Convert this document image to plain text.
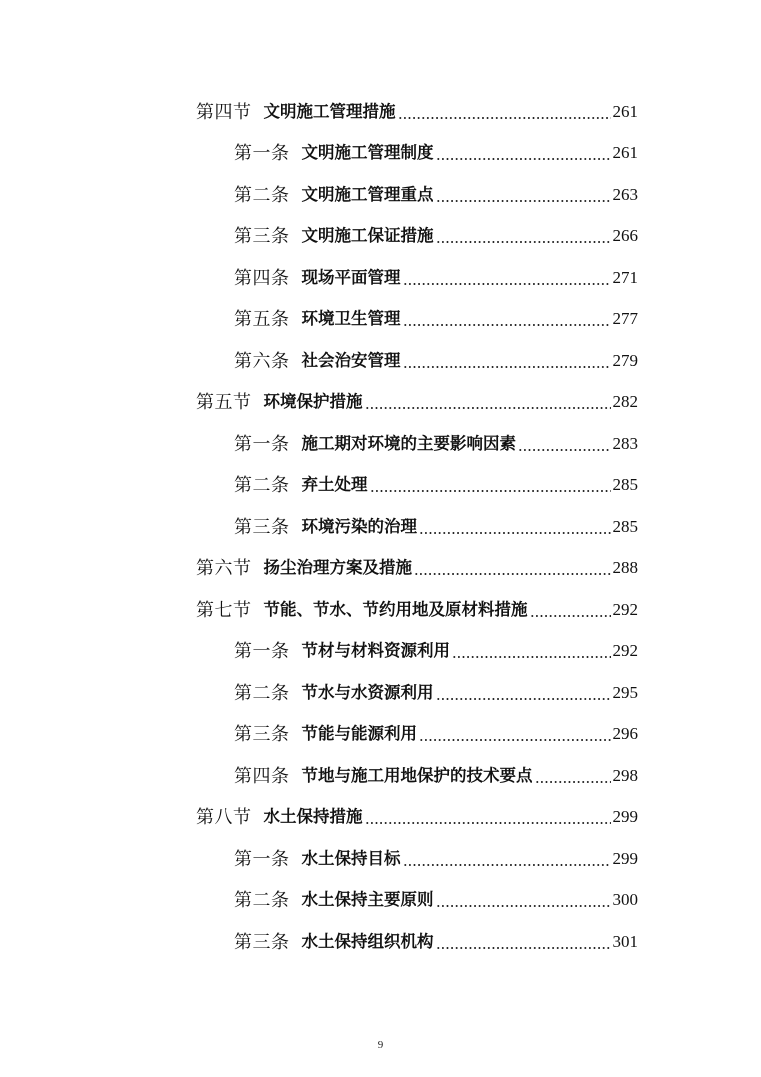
第四节 文明施工管理措施	261
第一条 文明施工管理制度	261
第二条 文明施工管理重点	263
第三条 文明施工保证措施	266
第四条 现场平面管理	271
第五条 环境卫生管理	277
第六条 社会治安管理	279
第五节 环境保护措施	282
第一条 施工期对环境的主要影响因素	283
第二条 弃土处理	285
第三条 环境污染的治理	285
第六节 扬尘治理方案及措施	288
第七节 节能、节水、节约用地及原材料措施	292
第一条 节材与材料资源利用	292
第二条 节水与水资源利用	295
第三条 节能与能源利用	296
第四条 节地与施工用地保护的技术要点	298
第八节 水土保持措施	299
第一条 水土保持目标	299
第二条 水土保持主要原则	300
第三条 水土保持组织机构	301
9
